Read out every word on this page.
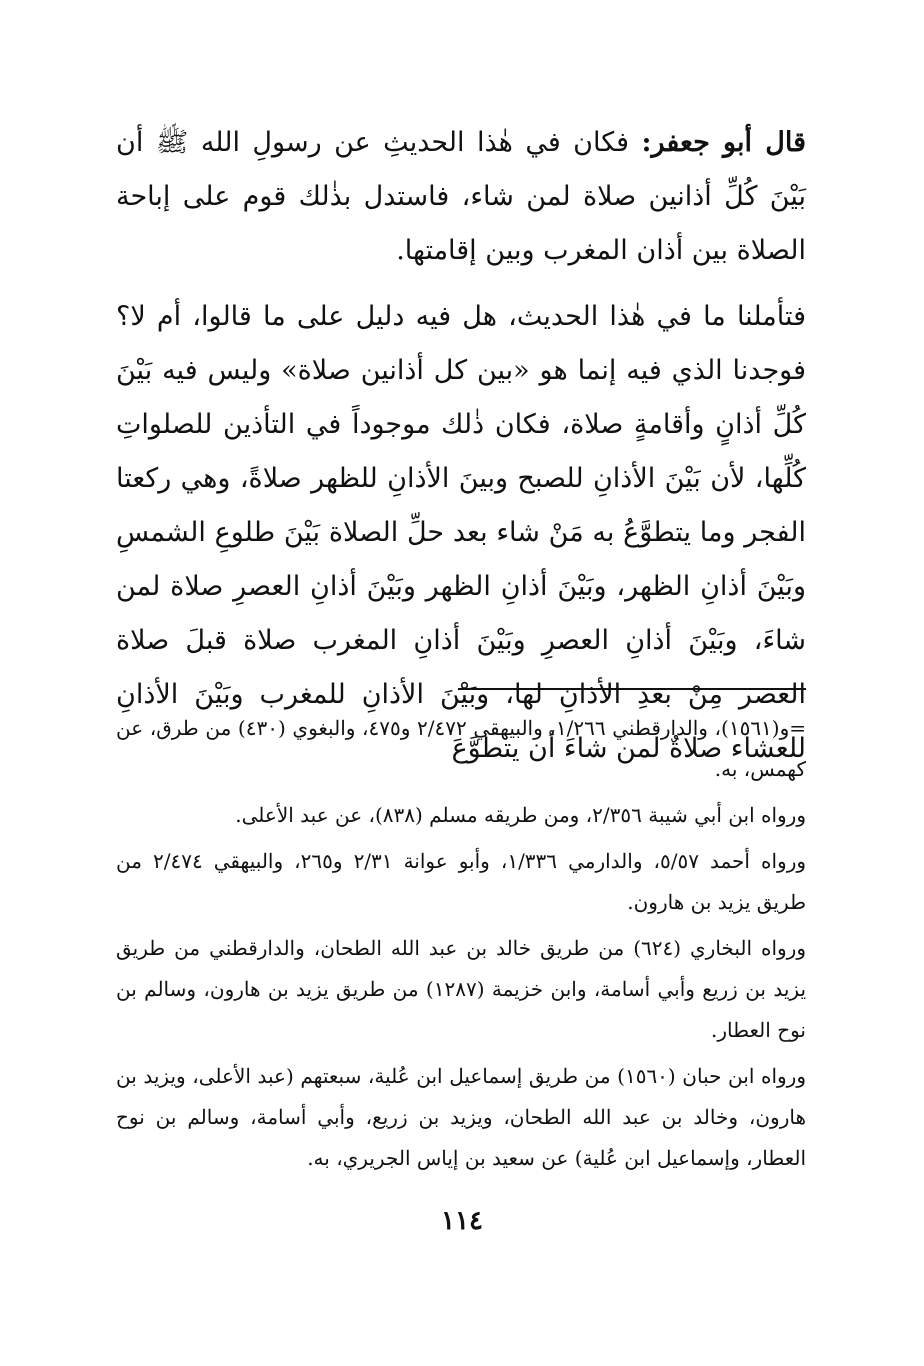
قال أبو جعفر: فكان في هٰذا الحديثِ عن رسولِ الله ﷺ أن بَيْنَ كُلِّ أذانين صلاة لمن شاء، فاستدل بذٰلك قوم على إباحة الصلاة بين أذان المغرب وبين إقامتها.

فتأملنا ما في هٰذا الحديث، هل فيه دليل على ما قالوا، أم لا؟ فوجدنا الذي فيه إنما هو «بين كل أذانين صلاة» وليس فيه بَيْنَ كُلِّ أذانٍ وأقامةٍ صلاة، فكان ذٰلك موجوداً في التأذين للصلواتِ كُلِّها، لأن بَيْنَ الأذانِ للصبح وبينَ الأذانِ للظهر صلاةً، وهي ركعتا الفجر وما يتطوَّعُ به مَنْ شاء بعد حلِّ الصلاة بَيْنَ طلوعِ الشمسِ وبَيْنَ أذانِ الظهر، وبَيْنَ أذانِ الظهر وبَيْنَ أذانِ العصرِ صلاة لمن شاءَ، وبَيْنَ أذانِ العصرِ وبَيْنَ أذانِ المغرب صلاة قبلَ صلاة العصر مِنْ بعدِ الأذانِ لها، وبَيْنَ الأذانِ للمغرب وبَيْنَ الأذانِ للعشاء صلاةٌ لمن شاءَ أن يتطوَّعَ

=و(١٥٦١)، والدارقطني ١/٢٦٦، والبيهقي ٢/٤٧٢ و٤٧٥، والبغوي (٤٣٠) من طرق، عن كهمس، به.

ورواه ابن أبي شيبة ٢/٣٥٦، ومن طريقه مسلم (٨٣٨)، عن عبد الأعلى.

ورواه أحمد ٥/٥٧، والدارمي ١/٣٣٦، وأبو عوانة ٢/٣١ و٢٦٥، والبيهقي ٢/٤٧٤ من طريق يزيد بن هارون.

ورواه البخاري (٦٢٤) من طريق خالد بن عبد الله الطحان، والدارقطني من طريق يزيد بن زريع وأبي أسامة، وابن خزيمة (١٢٨٧) من طريق يزيد بن هارون، وسالم بن نوح العطار.

ورواه ابن حبان (١٥٦٠) من طريق إسماعيل ابن عُلية، سبعتهم (عبد الأعلى، ويزيد بن هارون، وخالد بن عبد الله الطحان، ويزيد بن زريع، وأبي أسامة، وسالم بن نوح العطار، وإسماعيل ابن عُلية) عن سعيد بن إياس الجريري، به.

١١٤
